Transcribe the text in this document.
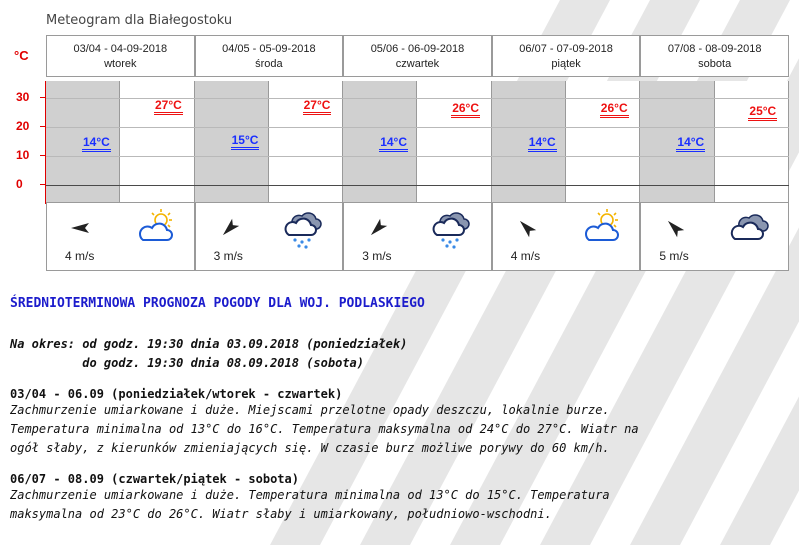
Meteogram dla Białegostoku
°C
30
20
10
0
03/04 - 04-09-2018
wtorek
14°C
27°C
4 m/s
04/05 - 05-09-2018
środa
15°C
27°C
3 m/s
05/06 - 06-09-2018
czwartek
14°C
26°C
3 m/s
06/07 - 07-09-2018
piątek
14°C
26°C
4 m/s
07/08 - 08-09-2018
sobota
14°C
25°C
5 m/s
ŚREDNIOTERMINOWA PROGNOZA POGODY DLA WOJ. PODLASKIEGO
Na okres: od godz. 19:30 dnia 03.09.2018 (poniedziałek)
do godz. 19:30 dnia 08.09.2018 (sobota)
03/04 - 06.09 (poniedziałek/wtorek - czwartek)
Zachmurzenie umiarkowane i duże. Miejscami przelotne opady deszczu, lokalnie burze.
Temperatura minimalna od 13°C do 16°C. Temperatura maksymalna od 24°C do 27°C. Wiatr na
ogół słaby, z kierunków zmieniających się. W czasie burz możliwe porywy do 60 km/h.
06/07 - 08.09 (czwartek/piątek - sobota)
Zachmurzenie umiarkowane i duże. Temperatura minimalna od 13°C do 15°C. Temperatura
maksymalna od 23°C do 26°C. Wiatr słaby i umiarkowany, południowo-wschodni.
